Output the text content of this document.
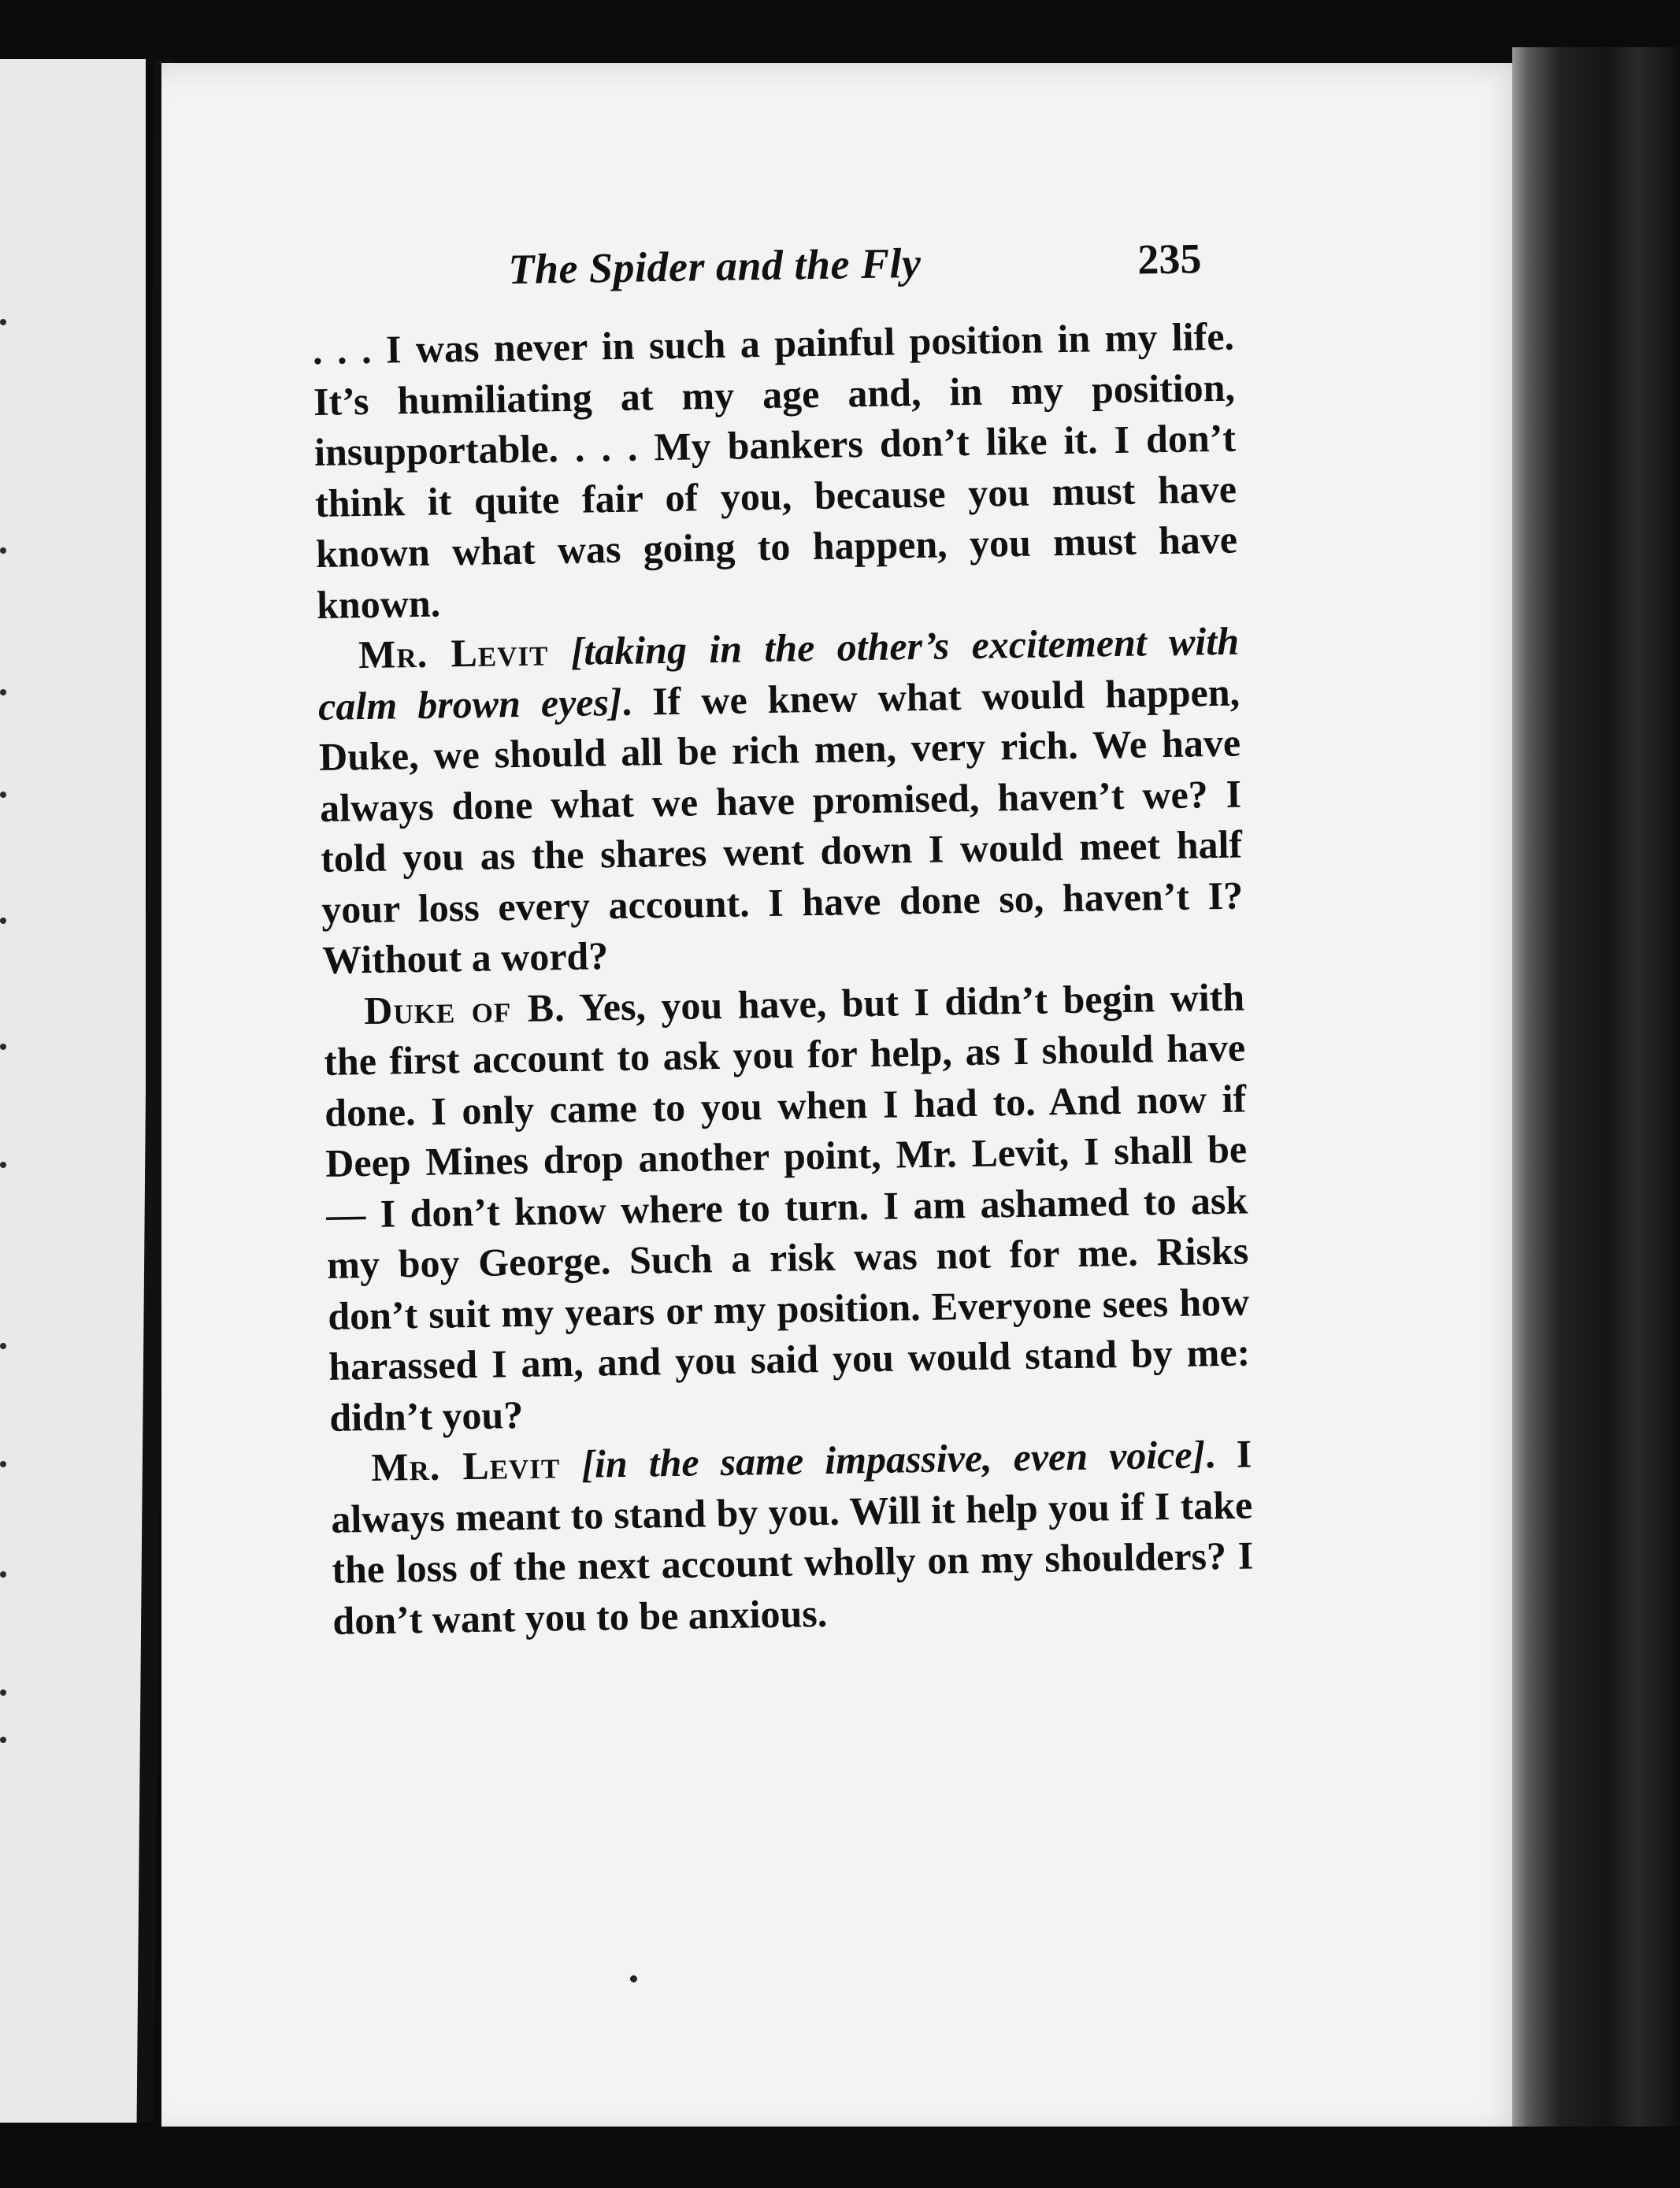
The Spider and the Fly	235

. . . I was never in such a painful position in my life. It’s humiliating at my age and, in my position, insupportable. . . . My bankers don’t like it. I don’t think it quite fair of you, because you must have known what was going to happen, you must have known.

Mr. Levit [taking in the other’s excitement with calm brown eyes]. If we knew what would happen, Duke, we should all be rich men, very rich. We have always done what we have promised, haven’t we? I told you as the shares went down I would meet half your loss every account. I have done so, haven’t I? Without a word?

Duke of B. Yes, you have, but I didn’t begin with the first account to ask you for help, as I should have done. I only came to you when I had to. And now if Deep Mines drop another point, Mr. Levit, I shall be — I don’t know where to turn. I am ashamed to ask my boy George. Such a risk was not for me. Risks don’t suit my years or my position. Everyone sees how harassed I am, and you said you would stand by me: didn’t you?

Mr. Levit [in the same impassive, even voice]. I always meant to stand by you. Will it help you if I take the loss of the next account wholly on my shoulders? I don’t want you to be anxious.
